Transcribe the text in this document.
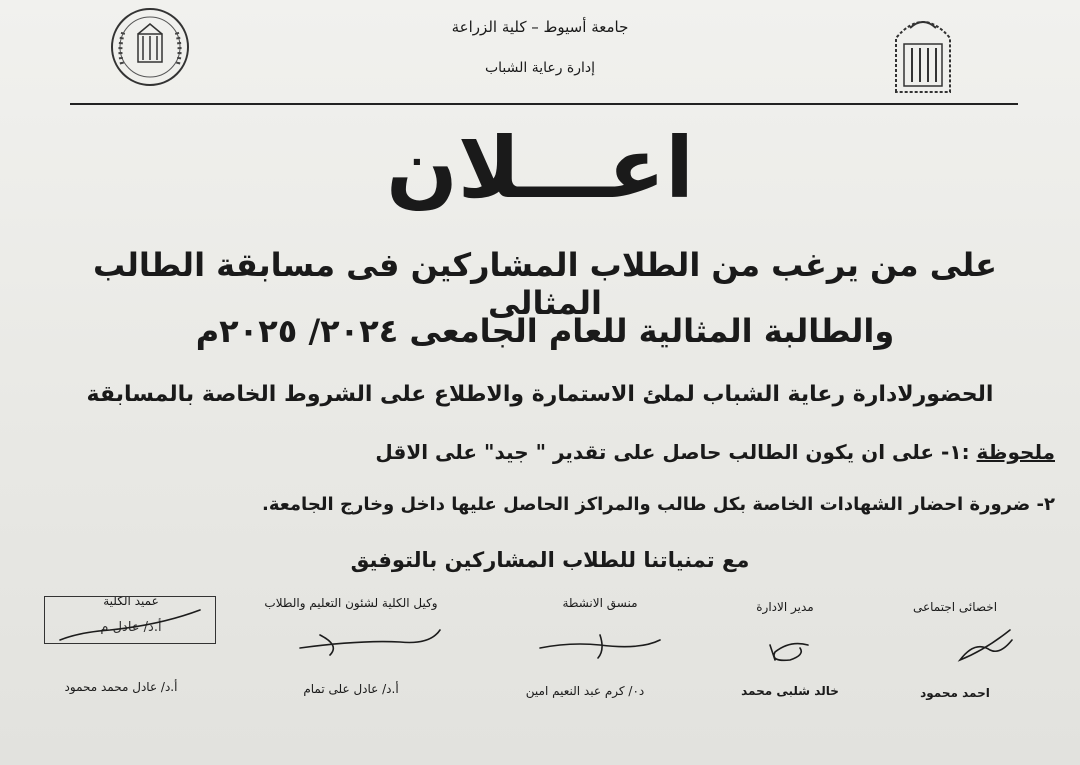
جامعة أسيوط – كلية الزراعة
إدارة رعاية الشباب
اعـــلان
على من يرغب من الطلاب المشاركين فى مسابقة الطالب المثالى
والطالبة المثالية للعام الجامعى ٢٠٢٤/ ٢٠٢٥م
الحضورلادارة رعاية الشباب لملئ الاستمارة والاطلاع على الشروط الخاصة بالمسابقة
ملحوظة :١- على ان يكون الطالب حاصل على تقدير " جيد" على الاقل
٢- ضرورة احضار الشهادات الخاصة بكل طالب والمراكز الحاصل عليها داخل وخارج الجامعة.
مع تمنياتنا للطلاب المشاركين بالتوفيق
اخصائى اجتماعى
مدير الادارة
منسق الانشطة
وكيل الكلية لشئون التعليم والطلاب
عميد الكلية
أ.د/ عادل م
احمد محمود
خالد شلبى محمد
د٠/ كرم عبد النعيم امين
أ.د/ عادل على تمام
أ.د/ عادل محمد محمود
